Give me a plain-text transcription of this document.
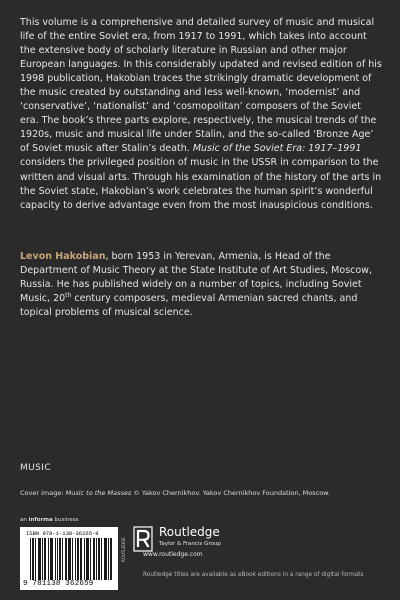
This volume is a comprehensive and detailed survey of music and musical life of the entire Soviet era, from 1917 to 1991, which takes into account the extensive body of scholarly literature in Russian and other major European languages. In this considerably updated and revised edition of his 1998 publication, Hakobian traces the strikingly dramatic development of the music created by outstanding and less well-known, ‘modernist’ and ‘conservative’, ‘nationalist’ and ‘cosmopolitan’ composers of the Soviet era. The book’s three parts explore, respectively, the musical trends of the 1920s, music and musical life under Stalin, and the so-called ‘Bronze Age’ of Soviet music after Stalin’s death. Music of the Soviet Era: 1917–1991 considers the privileged position of music in the USSR in comparison to the written and visual arts. Through his examination of the history of the arts in the Soviet state, Hakobian’s work celebrates the human spirit’s wonderful capacity to derive advantage even from the most inauspicious conditions.

Levon Hakobian, born 1953 in Yerevan, Armenia, is Head of the Department of Music Theory at the State Institute of Art Studies, Moscow, Russia. He has published widely on a number of topics, including Soviet Music, 20th century composers, medieval Armenian sacred chants, and topical problems of musical science.

MUSIC

Cover image: Music to the Masses © Yakov Chernikhov. Yakov Chernikhov Foundation, Moscow.

an informa business

ISBN 978-1-138-36265-9
9 781138 362659
ROUTLEDGE
Routledge
Taylor & Francis Group

www.routledge.com

Routledge titles are available as eBook editions in a range of digital formats
